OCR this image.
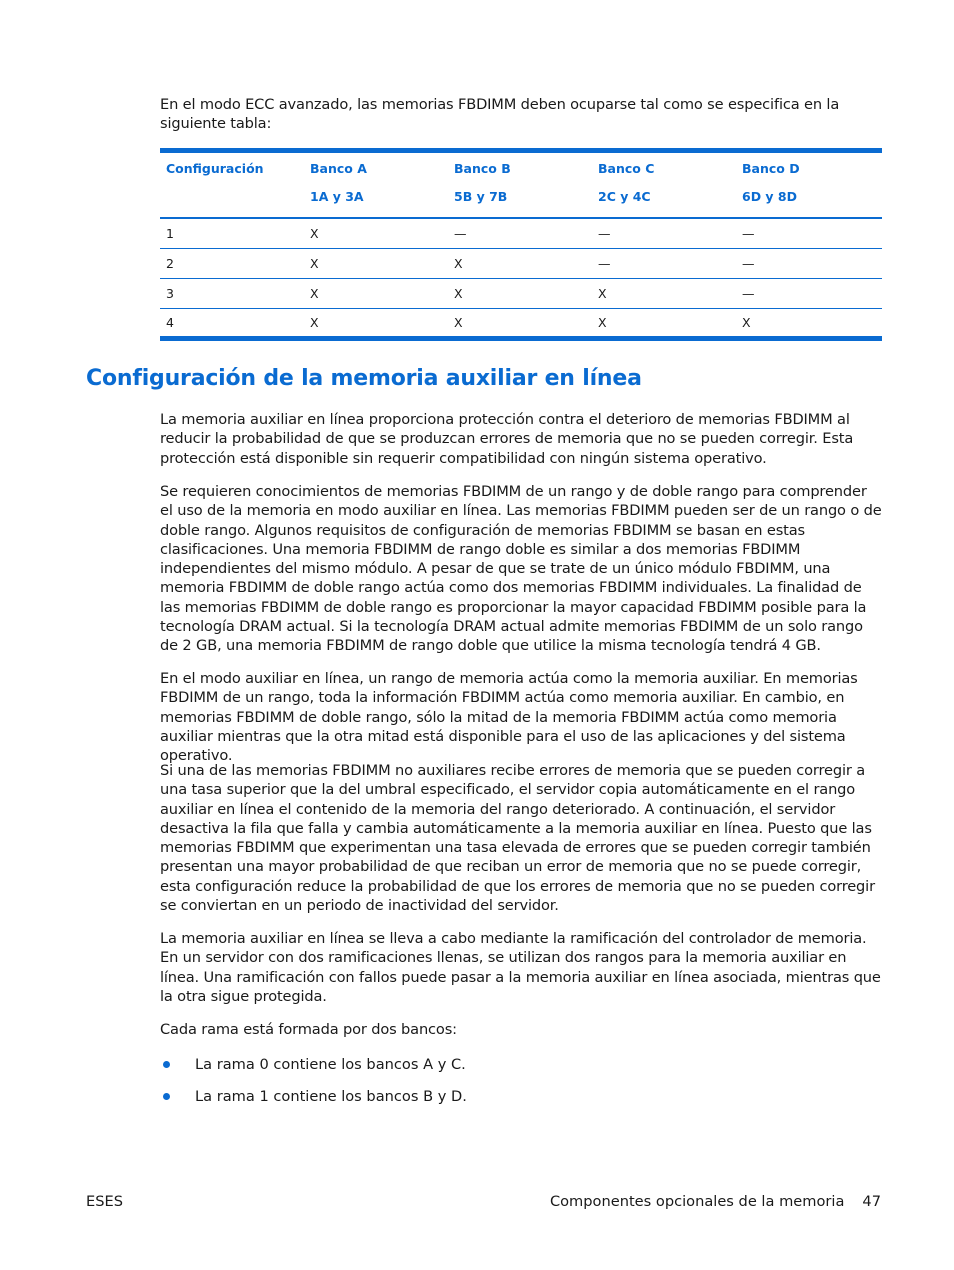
En el modo ECC avanzado, las memorias FBDIMM deben ocuparse tal como se especifica en la siguiente tabla:

Configuración	Banco A	Banco B	Banco C	Banco D
	1A y 3A	5B y 7B	2C y 4C	6D y 8D
1	X	—	—	—
2	X	X	—	—
3	X	X	X	—
4	X	X	X	X
Configuración de la memoria auxiliar en línea

La memoria auxiliar en línea proporciona protección contra el deterioro de memorias FBDIMM al reducir la probabilidad de que se produzcan errores de memoria que no se pueden corregir. Esta protección está disponible sin requerir compatibilidad con ningún sistema operativo.

Se requieren conocimientos de memorias FBDIMM de un rango y de doble rango para comprender el uso de la memoria en modo auxiliar en línea. Las memorias FBDIMM pueden ser de un rango o de doble rango. Algunos requisitos de configuración de memorias FBDIMM se basan en estas clasificaciones. Una memoria FBDIMM de rango doble es similar a dos memorias FBDIMM independientes del mismo módulo. A pesar de que se trate de un único módulo FBDIMM, una memoria FBDIMM de doble rango actúa como dos memorias FBDIMM individuales. La finalidad de las memorias FBDIMM de doble rango es proporcionar la mayor capacidad FBDIMM posible para la tecnología DRAM actual. Si la tecnología DRAM actual admite memorias FBDIMM de un solo rango de 2 GB, una memoria FBDIMM de rango doble que utilice la misma tecnología tendrá 4 GB.

En el modo auxiliar en línea, un rango de memoria actúa como la memoria auxiliar. En memorias FBDIMM de un rango, toda la información FBDIMM actúa como memoria auxiliar. En cambio, en memorias FBDIMM de doble rango, sólo la mitad de la memoria FBDIMM actúa como memoria auxiliar mientras que la otra mitad está disponible para el uso de las aplicaciones y del sistema operativo.

Si una de las memorias FBDIMM no auxiliares recibe errores de memoria que se pueden corregir a una tasa superior que la del umbral especificado, el servidor copia automáticamente en el rango auxiliar en línea el contenido de la memoria del rango deteriorado. A continuación, el servidor desactiva la fila que falla y cambia automáticamente a la memoria auxiliar en línea. Puesto que las memorias FBDIMM que experimentan una tasa elevada de errores que se pueden corregir también presentan una mayor probabilidad de que reciban un error de memoria que no se puede corregir, esta configuración reduce la probabilidad de que los errores de memoria que no se pueden corregir se conviertan en un periodo de inactividad del servidor.

La memoria auxiliar en línea se lleva a cabo mediante la ramificación del controlador de memoria. En un servidor con dos ramificaciones llenas, se utilizan dos rangos para la memoria auxiliar en línea. Una ramificación con fallos puede pasar a la memoria auxiliar en línea asociada, mientras que la otra sigue protegida.

Cada rama está formada por dos bancos:

La rama 0 contiene los bancos A y C.
La rama 1 contiene los bancos B y D.
ESES	Componentes opcionales de la memoria 47
